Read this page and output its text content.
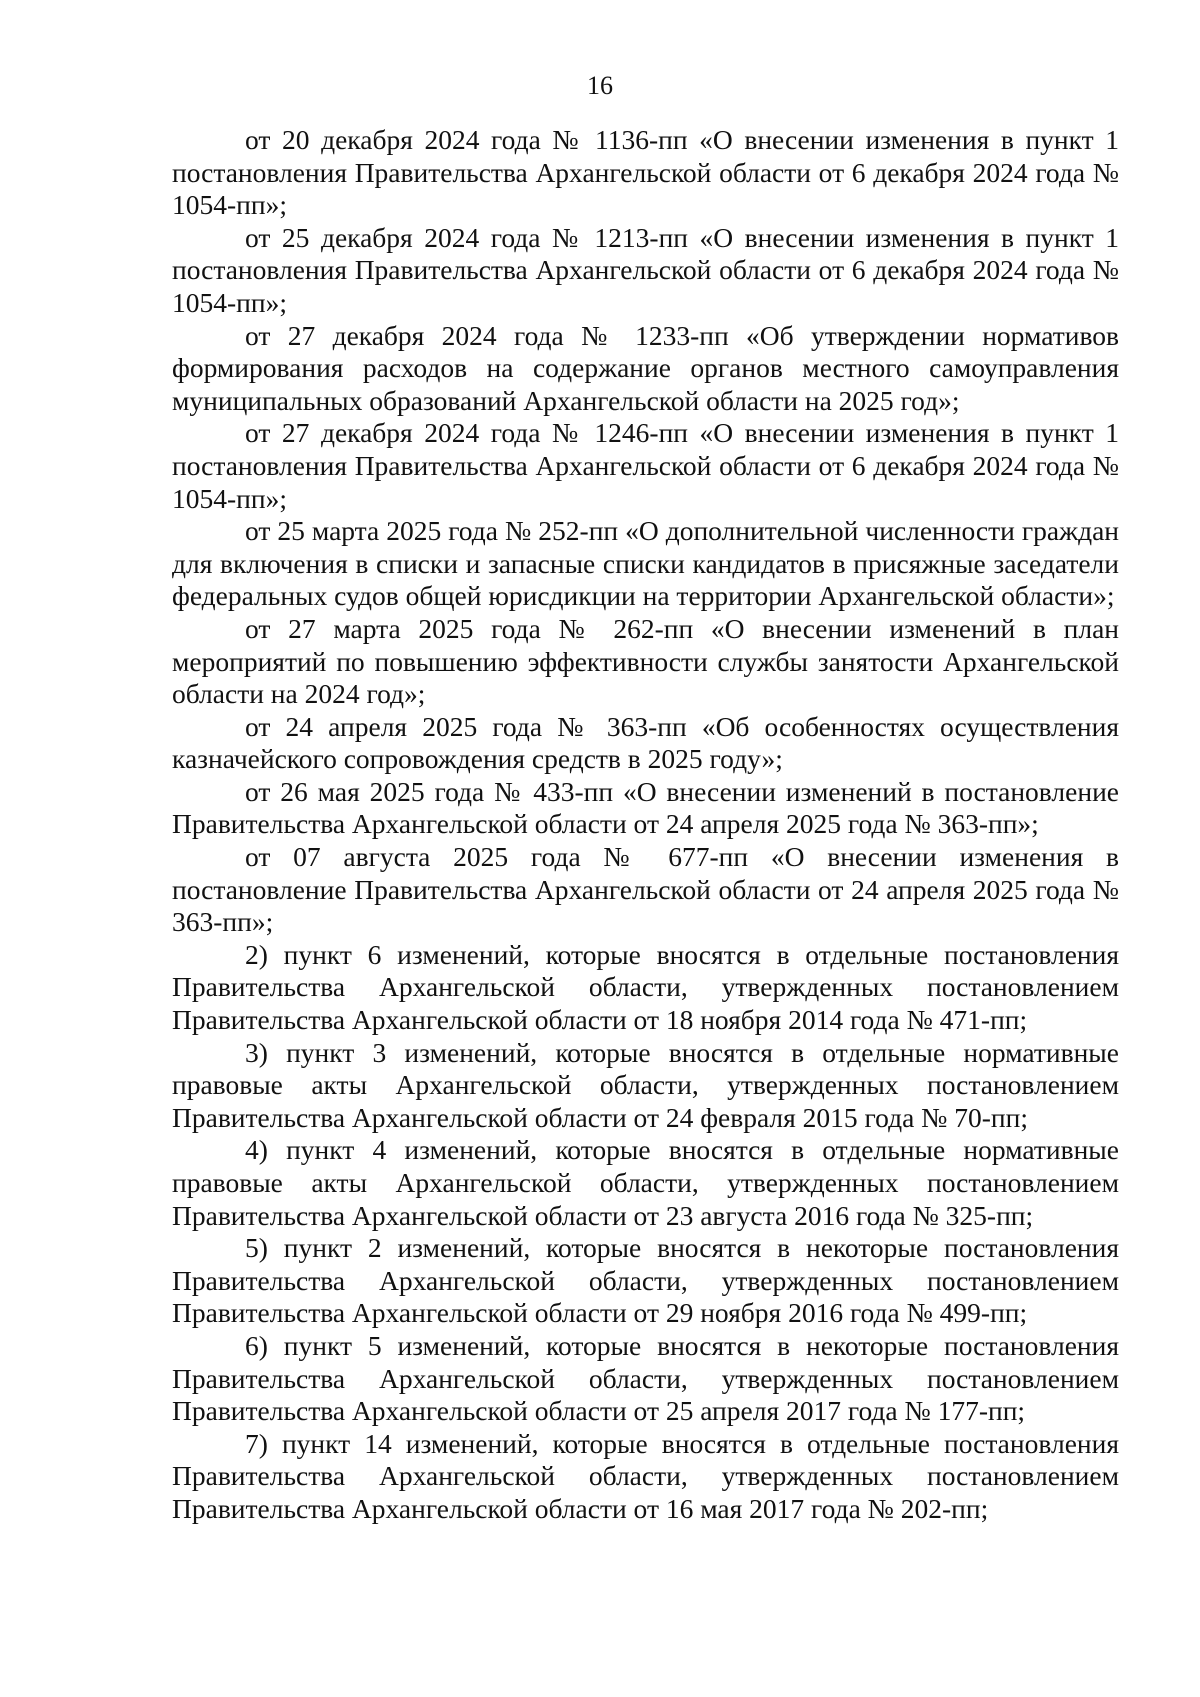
16

от 20 декабря 2024 года № 1136-пп «О внесении изменения в пункт 1 постановления Правительства Архангельской области от 6 декабря 2024 года № 1054-пп»;

от 25 декабря 2024 года № 1213-пп «О внесении изменения в пункт 1 постановления Правительства Архангельской области от 6 декабря 2024 года № 1054-пп»;

от 27 декабря 2024 года № 1233-пп «Об утверждении нормативов формирования расходов на содержание органов местного самоуправления муниципальных образований Архангельской области на 2025 год»;

от 27 декабря 2024 года № 1246-пп «О внесении изменения в пункт 1 постановления Правительства Архангельской области от 6 декабря 2024 года № 1054-пп»;

от 25 марта 2025 года № 252-пп «О дополнительной численности граждан для включения в списки и запасные списки кандидатов в присяжные заседатели федеральных судов общей юрисдикции на территории Архангельской области»;

от 27 марта 2025 года № 262-пп «О внесении изменений в план мероприятий по повышению эффективности службы занятости Архангельской области на 2024 год»;

от 24 апреля 2025 года № 363-пп «Об особенностях осуществления казначейского сопровождения средств в 2025 году»;

от 26 мая 2025 года № 433-пп «О внесении изменений в постановление Правительства Архангельской области от 24 апреля 2025 года № 363-пп»;

от 07 августа 2025 года № 677-пп «О внесении изменения в постановление Правительства Архангельской области от 24 апреля 2025 года № 363-пп»;

2) пункт 6 изменений, которые вносятся в отдельные постановления Правительства Архангельской области, утвержденных постановлением Правительства Архангельской области от 18 ноября 2014 года № 471-пп;

3) пункт 3 изменений, которые вносятся в отдельные нормативные правовые акты Архангельской области, утвержденных постановлением Правительства Архангельской области от 24 февраля 2015 года № 70-пп;

4) пункт 4 изменений, которые вносятся в отдельные нормативные правовые акты Архангельской области, утвержденных постановлением Правительства Архангельской области от 23 августа 2016 года № 325-пп;

5) пункт 2 изменений, которые вносятся в некоторые постановления Правительства Архангельской области, утвержденных постановлением Правительства Архангельской области от 29 ноября 2016 года № 499-пп;

6) пункт 5 изменений, которые вносятся в некоторые постановления Правительства Архангельской области, утвержденных постановлением Правительства Архангельской области от 25 апреля 2017 года № 177-пп;

7) пункт 14 изменений, которые вносятся в отдельные постановления Правительства Архангельской области, утвержденных постановлением Правительства Архангельской области от 16 мая 2017 года № 202-пп;
